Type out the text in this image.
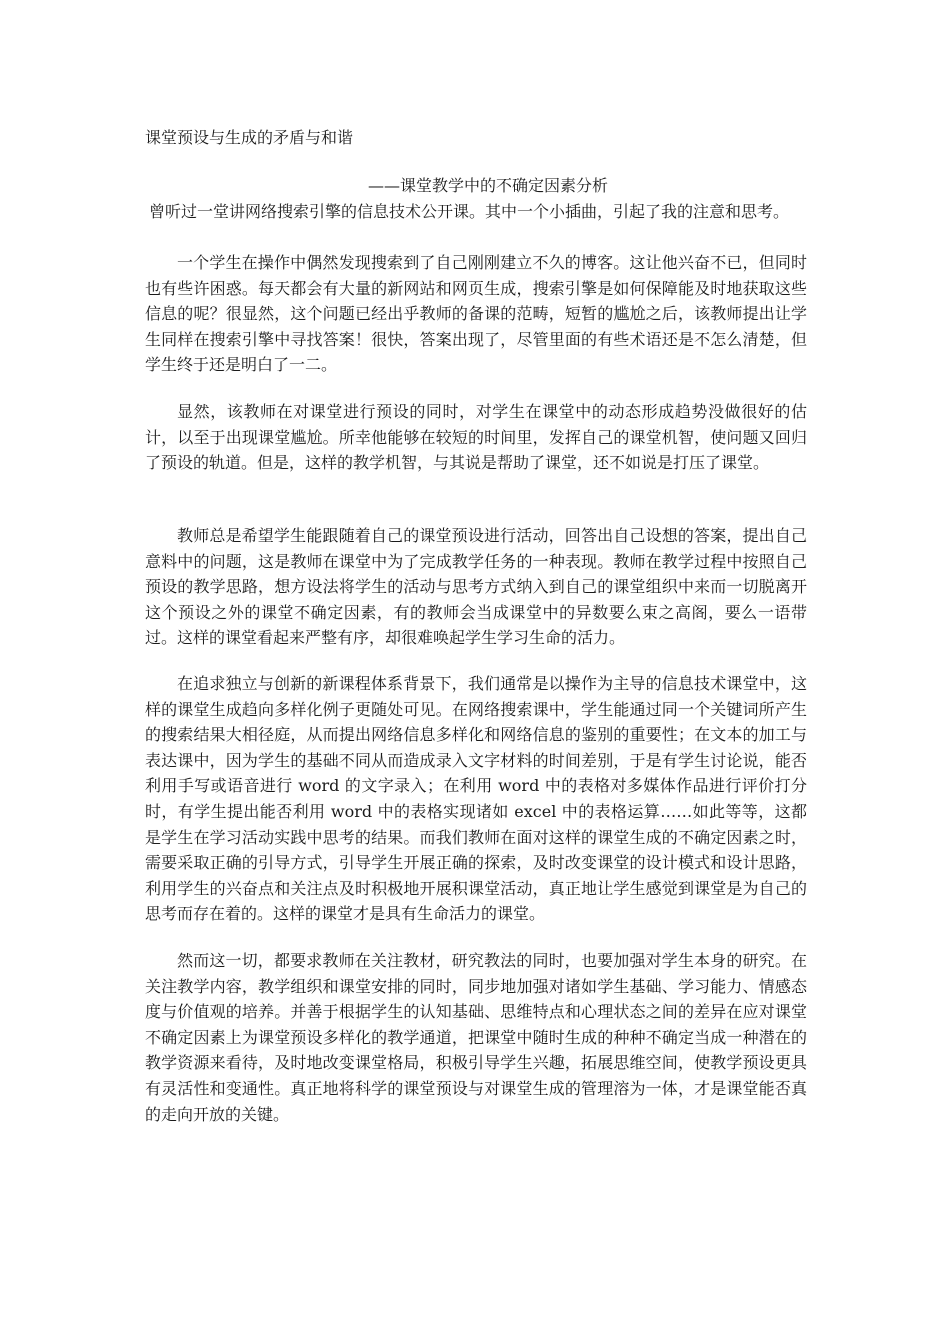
课堂预设与生成的矛盾与和谐
——课堂教学中的不确定因素分析
曾听过一堂讲网络搜索引擎的信息技术公开课。其中一个小插曲，引起了我的注意和思考。

一个学生在操作中偶然发现搜索到了自己刚刚建立不久的博客。这让他兴奋不已，但同时也有些许困惑。每天都会有大量的新网站和网页生成，搜索引擎是如何保障能及时地获取这些信息的呢？很显然，这个问题已经出乎教师的备课的范畴，短暂的尴尬之后，该教师提出让学生同样在搜索引擎中寻找答案！很快，答案出现了，尽管里面的有些术语还是不怎么清楚，但学生终于还是明白了一二。

显然，该教师在对课堂进行预设的同时，对学生在课堂中的动态形成趋势没做很好的估计，以至于出现课堂尴尬。所幸他能够在较短的时间里，发挥自己的课堂机智，使问题又回归了预设的轨道。但是，这样的教学机智，与其说是帮助了课堂，还不如说是打压了课堂。

教师总是希望学生能跟随着自己的课堂预设进行活动，回答出自己设想的答案，提出自己意料中的问题，这是教师在课堂中为了完成教学任务的一种表现。教师在教学过程中按照自己预设的教学思路，想方设法将学生的活动与思考方式纳入到自己的课堂组织中来而一切脱离开这个预设之外的课堂不确定因素，有的教师会当成课堂中的异数要么束之高阁，要么一语带过。这样的课堂看起来严整有序，却很难唤起学生学习生命的活力。

在追求独立与创新的新课程体系背景下，我们通常是以操作为主导的信息技术课堂中，这样的课堂生成趋向多样化例子更随处可见。在网络搜索课中，学生能通过同一个关键词所产生的搜索结果大相径庭，从而提出网络信息多样化和网络信息的鉴别的重要性；在文本的加工与表达课中，因为学生的基础不同从而造成录入文字材料的时间差别，于是有学生讨论说，能否利用手写或语音进行 word 的文字录入；在利用 word 中的表格对多媒体作品进行评价打分时，有学生提出能否利用 word 中的表格实现诸如 excel 中的表格运算……如此等等，这都是学生在学习活动实践中思考的结果。而我们教师在面对这样的课堂生成的不确定因素之时，需要采取正确的引导方式，引导学生开展正确的探索，及时改变课堂的设计模式和设计思路，利用学生的兴奋点和关注点及时积极地开展积课堂活动，真正地让学生感觉到课堂是为自己的思考而存在着的。这样的课堂才是具有生命活力的课堂。

然而这一切，都要求教师在关注教材，研究教法的同时，也要加强对学生本身的研究。在关注教学内容，教学组织和课堂安排的同时，同步地加强对诸如学生基础、学习能力、情感态度与价值观的培养。并善于根据学生的认知基础、思维特点和心理状态之间的差异在应对课堂不确定因素上为课堂预设多样化的教学通道，把课堂中随时生成的种种不确定当成一种潜在的教学资源来看待，及时地改变课堂格局，积极引导学生兴趣，拓展思维空间，使教学预设更具有灵活性和变通性。真正地将科学的课堂预设与对课堂生成的管理溶为一体，才是课堂能否真的走向开放的关键。
